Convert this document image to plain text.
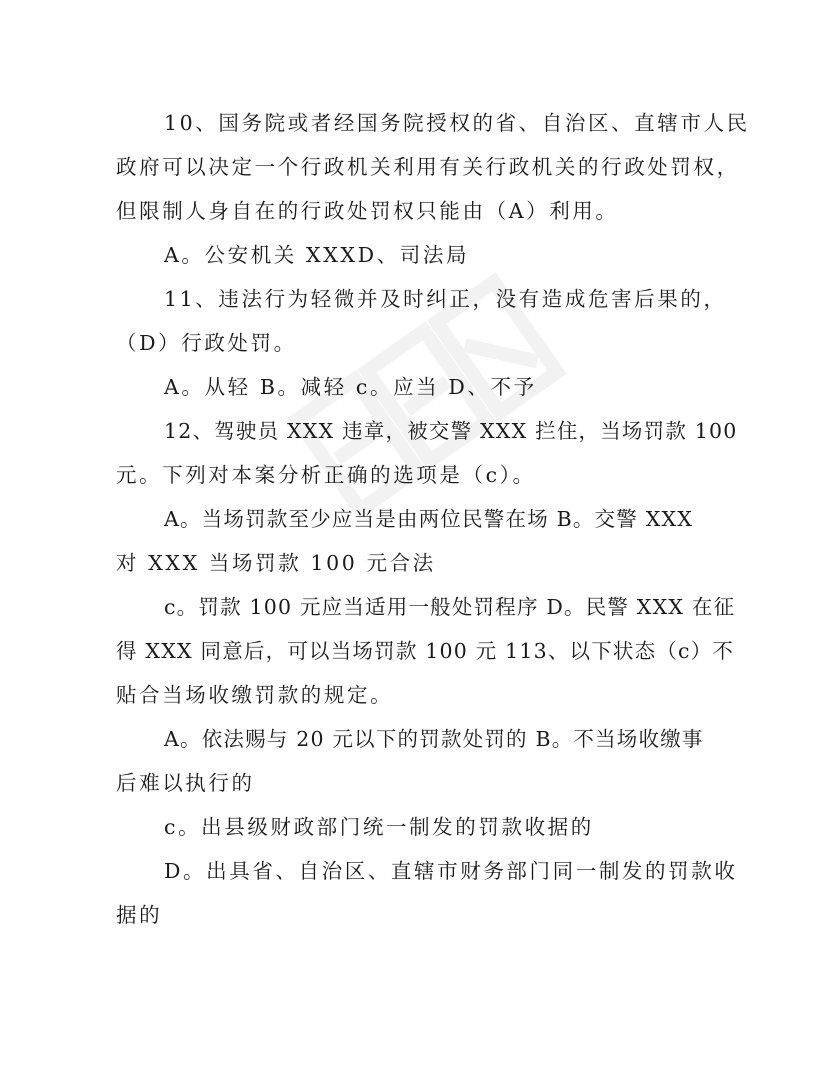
10、国务院或者经国务院授权的省、自治区、直辖市人民
政府可以决定一个行政机关利用有关行政机关的行政处罚权，
但限制人身自在的行政处罚权只能由（A）利用。
A。公安机关 XXXD、司法局
11、违法行为轻微并及时纠正，没有造成危害后果的，
（D）行政处罚。
A。从轻 B。减轻 c。应当 D、不予
12、驾驶员 XXX 违章，被交警 XXX 拦住，当场罚款 100
元。下列对本案分析正确的选项是（c）。
A。当场罚款至少应当是由两位民警在场 B。交警 XXX
对 XXX 当场罚款 100 元合法
c。罚款 100 元应当适用一般处罚程序 D。民警 XXX 在征
得 XXX 同意后，可以当场罚款 100 元 113、以下状态（c）不
贴合当场收缴罚款的规定。
A。依法赐与 20 元以下的罚款处罚的 B。不当场收缴事
后难以执行的
c。出县级财政部门统一制发的罚款收据的
D。出具省、自治区、直辖市财务部门同一制发的罚款收
据的
